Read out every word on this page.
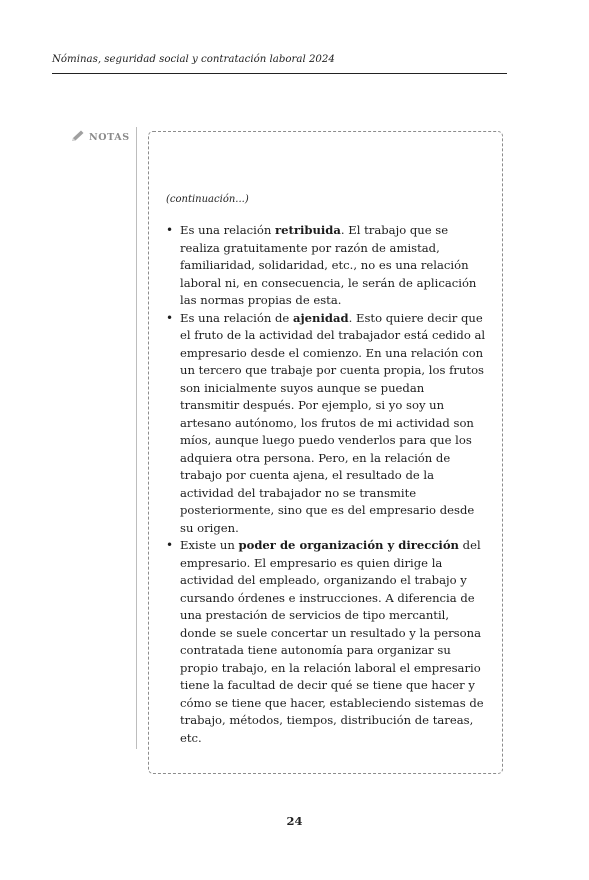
Nóminas, seguridad social y contratación laboral 2024
NOTAS

(continuación...)

• Es una relación retribuida. El trabajo que se realiza gratuitamente por razón de amistad, familiaridad, solidaridad, etc., no es una relación laboral ni, en consecuencia, le serán de aplicación las normas propias de esta.
• Es una relación de ajenidad. Esto quiere decir que el fruto de la actividad del trabajador está cedido al empresario desde el comienzo. En una relación con un tercero que trabaje por cuenta propia, los frutos son inicialmente suyos aunque se puedan transmitir después. Por ejemplo, si yo soy un artesano autónomo, los frutos de mi actividad son míos, aunque luego puedo venderlos para que los adquiera otra persona. Pero, en la relación de trabajo por cuenta ajena, el resultado de la actividad del trabajador no se transmite posteriormente, sino que es del empresario desde su origen.
• Existe un poder de organización y dirección del empresario. El empresario es quien dirige la actividad del empleado, organizando el trabajo y cursando órdenes e instrucciones. A diferencia de una prestación de servicios de tipo mercantil, donde se suele concertar un resultado y la persona contratada tiene autonomía para organizar su propio trabajo, en la relación laboral el empresario tiene la facultad de decir qué se tiene que hacer y cómo se tiene que hacer, estableciendo sistemas de trabajo, métodos, tiempos, distribución de tareas, etc.
24
